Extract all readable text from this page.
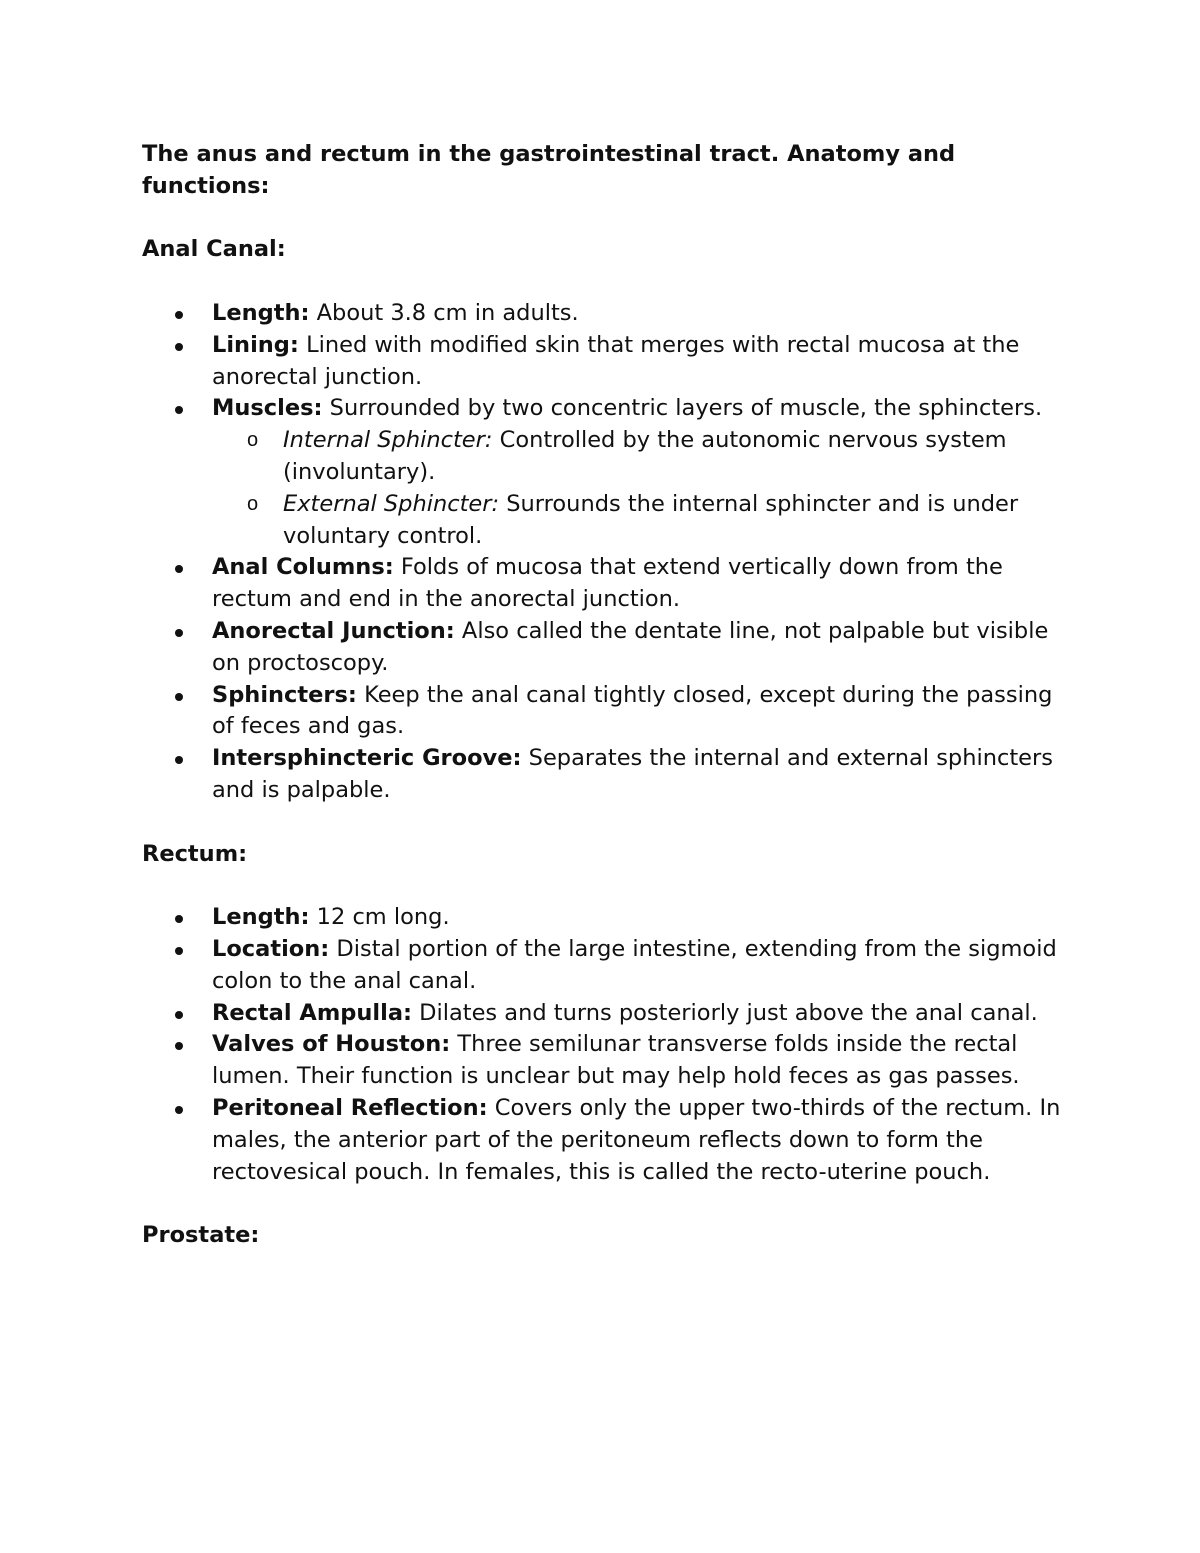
The anus and rectum in the gastrointestinal tract. Anatomy and functions:
Anal Canal:
Length: About 3.8 cm in adults.
Lining: Lined with modified skin that merges with rectal mucosa at the anorectal junction.
Muscles: Surrounded by two concentric layers of muscle, the sphincters.
o Internal Sphincter: Controlled by the autonomic nervous system (involuntary).
o External Sphincter: Surrounds the internal sphincter and is under voluntary control.
Anal Columns: Folds of mucosa that extend vertically down from the rectum and end in the anorectal junction.
Anorectal Junction: Also called the dentate line, not palpable but visible on proctoscopy.
Sphincters: Keep the anal canal tightly closed, except during the passing of feces and gas.
Intersphincteric Groove: Separates the internal and external sphincters and is palpable.
Rectum:
Length: 12 cm long.
Location: Distal portion of the large intestine, extending from the sigmoid colon to the anal canal.
Rectal Ampulla: Dilates and turns posteriorly just above the anal canal.
Valves of Houston: Three semilunar transverse folds inside the rectal lumen. Their function is unclear but may help hold feces as gas passes.
Peritoneal Reflection: Covers only the upper two-thirds of the rectum. In males, the anterior part of the peritoneum reflects down to form the rectovesical pouch. In females, this is called the recto-uterine pouch.
Prostate:
